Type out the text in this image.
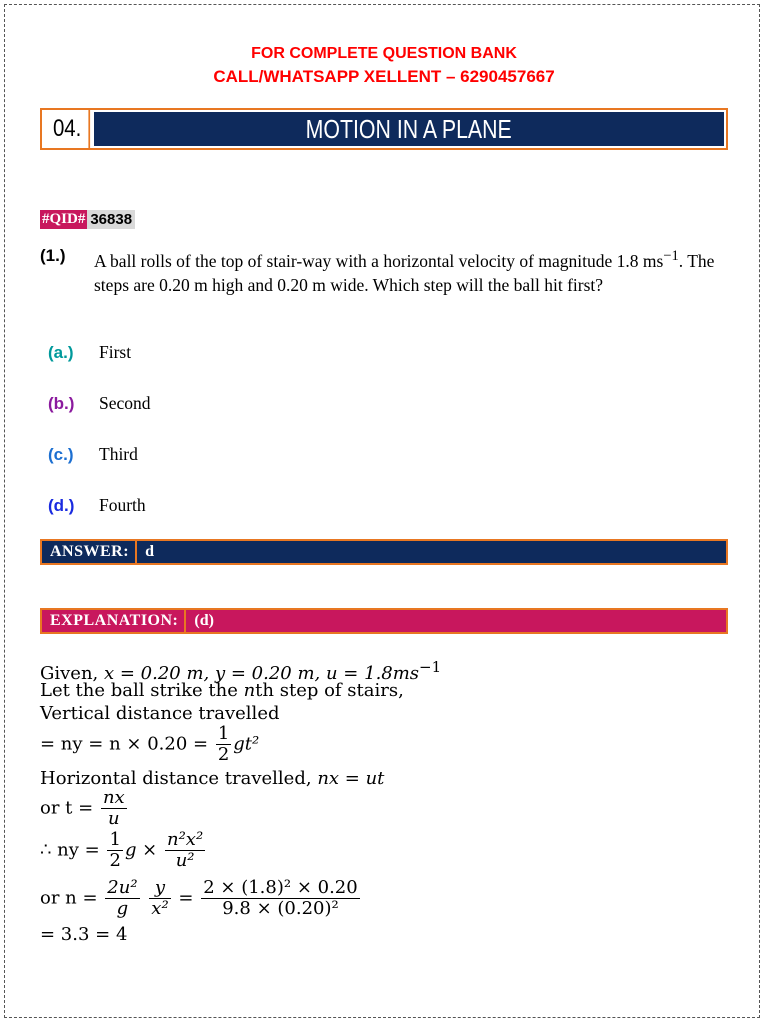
FOR COMPLETE QUESTION BANK
CALL/WHATSAPP XELLENT – 6290457667
04.	MOTION IN A PLANE
#QID# 36838
(1.) A ball rolls of the top of stair-way with a horizontal velocity of magnitude 1.8 $ms^{-1}$. The steps are 0.20 m high and 0.20 m wide. Which step will the ball hit first?
(a.)	First
(b.)	Second
(c.)	Third
(d.)	Fourth
ANSWER:	d
EXPLANATION:	(d)
Given, x = 0.20 m, y = 0.20 m, $u = 1.8ms^{-1}$
Let the ball strike the nth step of stairs,
Vertical distance travelled
= ny = $n \times 0.20 = \frac{1}{2} gt^2$
Horizontal distance travelled, nx = ut
or $t = \frac{nx}{u}$
∴ ny = $\frac{1}{2}$ $g \times \frac{\text{n²x²}}{\text{u²}}$
or $n = \frac{\text{2u²}}{g}$
$\frac{y}{\text{x²}} = \frac{\text{2 × (1.8)² × 0.20}}{\text{9.8 × (0.20)²}}$
= 3.3 = 4
